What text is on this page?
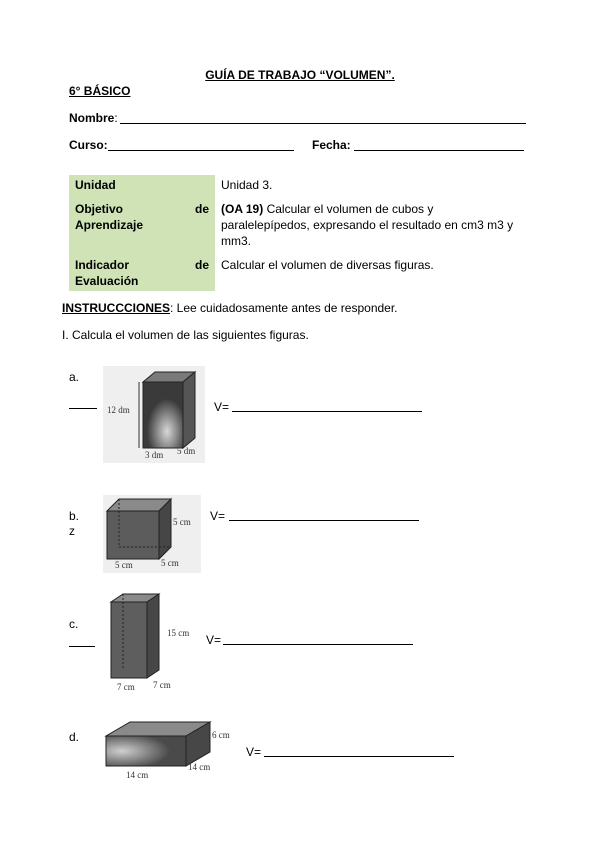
GUÍA DE TRABAJO “VOLUMEN”.
6° BÁSICO
Nombre:
Curso:	Fecha:
Unidad	Unidad 3.

Objetivo de
Aprendizaje	(OA 19) Calcular el volumen de cubos y paralelepípedos, expresando el resultado en cm3 m3 y mm3.

Indicador de
Evaluación	Calcular el volumen de diversas figuras.
INSTRUCCCIONES: Lee cuidadosamente antes de responder.
I. Calcula el volumen de las siguientes figuras.
a.
12 dm
3 dm 5 dm
V=
b.
z
5 cm
5 cm	5 cm
V=
c.
15 cm
7 cm 7 cm
V=
d.	6 cm
14 cm
14 cm
V=
